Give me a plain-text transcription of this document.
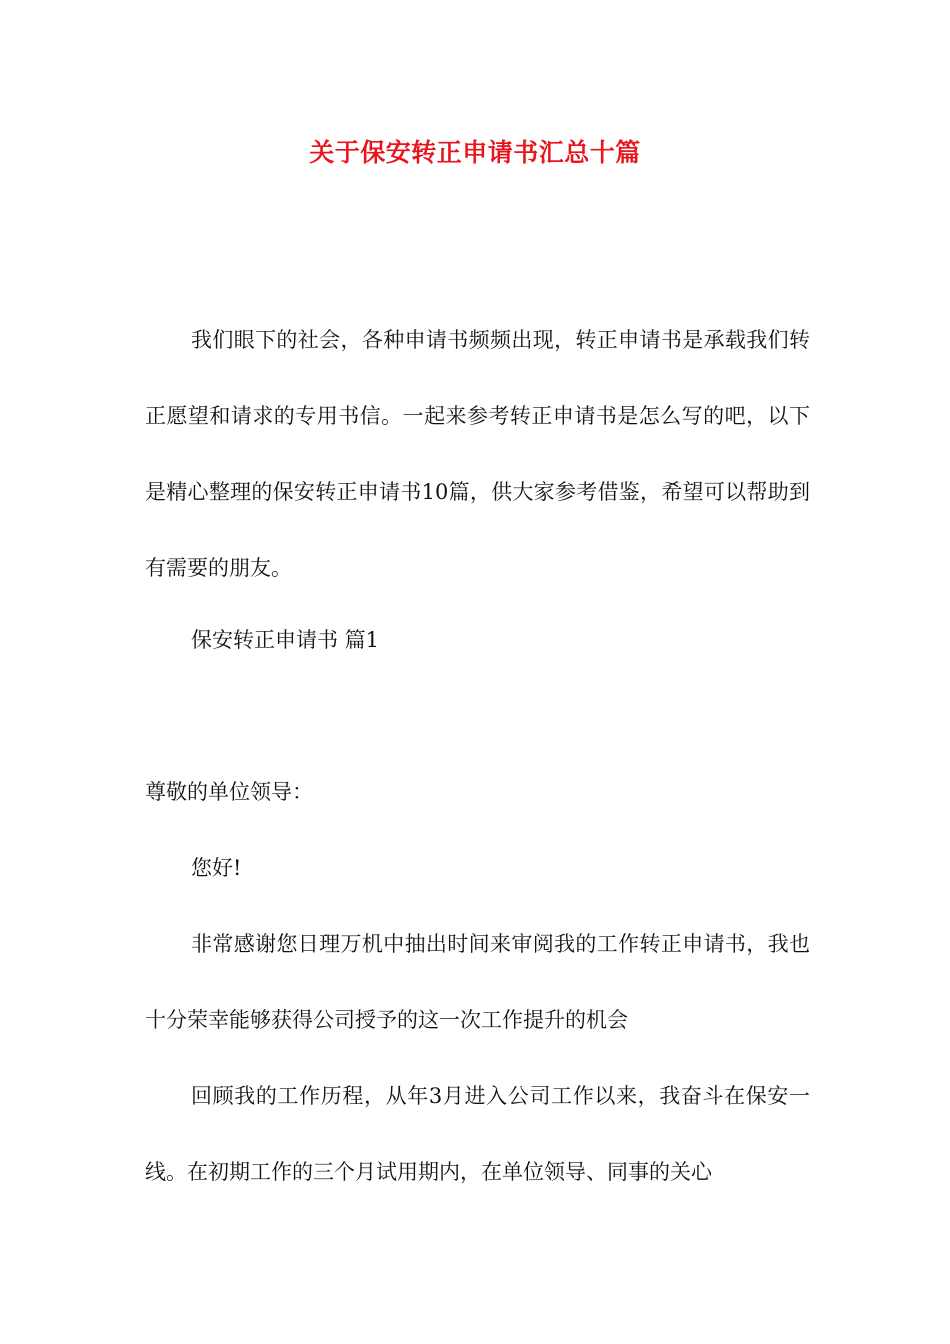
关于保安转正申请书汇总十篇

我们眼下的社会，各种申请书频频出现，转正申请书是承载我们转正愿望和请求的专用书信。一起来参考转正申请书是怎么写的吧，以下是精心整理的保安转正申请书10篇，供大家参考借鉴，希望可以帮助到有需要的朋友。

保安转正申请书 篇1

尊敬的单位领导：

您好!

非常感谢您日理万机中抽出时间来审阅我的工作转正申请书，我也十分荣幸能够获得公司授予的这一次工作提升的机会

回顾我的工作历程，从年3月进入公司工作以来，我奋斗在保安一线。在初期工作的三个月试用期内，在单位领导、同事的关心
